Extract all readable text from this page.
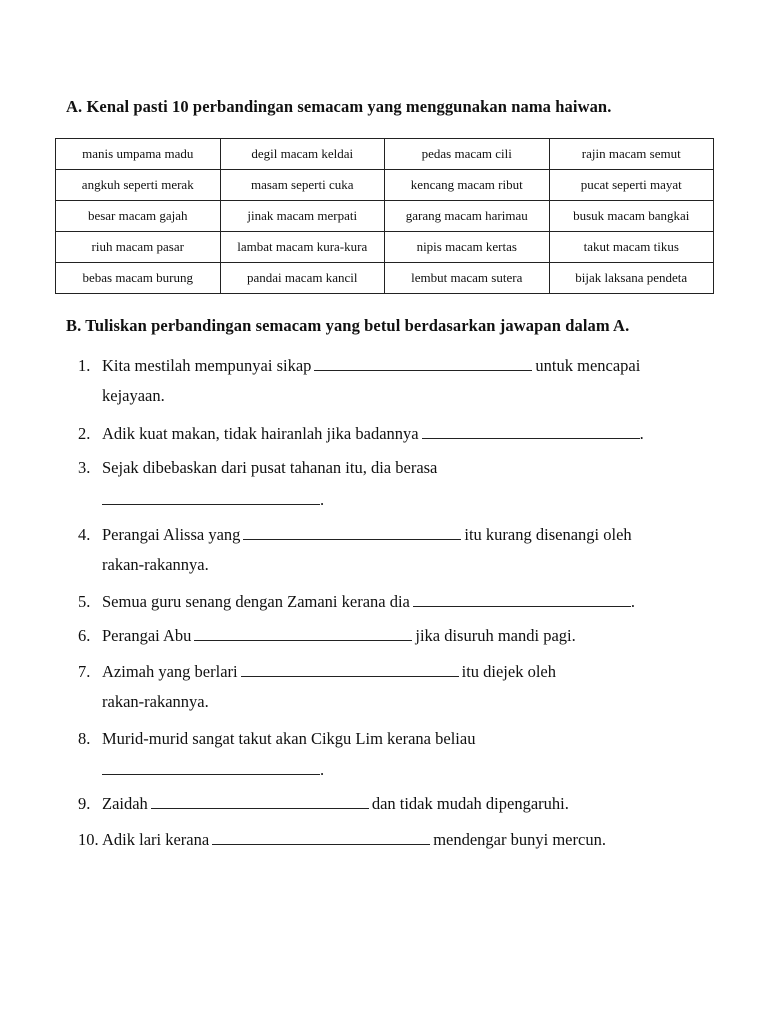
A. Kenal pasti 10 perbandingan semacam yang menggunakan nama haiwan.
manis umpama madu	degil macam keldai	pedas macam cili	rajin macam semut
angkuh seperti merak	masam seperti cuka	kencang macam ribut	pucat seperti mayat
besar macam gajah	jinak macam merpati	garang macam harimau	busuk macam bangkai
riuh macam pasar	lambat macam kura-kura	nipis macam kertas	takut macam tikus
bebas macam burung	pandai macam kancil	lembut macam sutera	bijak laksana pendeta
B. Tuliskan perbandingan semacam yang betul berdasarkan jawapan dalam A.
1. Kita mestilah mempunyai sikap	untuk mencapai
kejayaan.
2. Adik kuat makan, tidak hairanlah jika badannya	.
3. Sejak dibebaskan dari pusat tahanan itu, dia berasa
.
4. Perangai Alissa yang	itu kurang disenangi oleh
rakan-rakannya.
5. Semua guru senang dengan Zamani kerana dia	.
6. Perangai Abu	jika disuruh mandi pagi.
7. Azimah yang berlari	itu diejek oleh
rakan-rakannya.
8. Murid-murid sangat takut akan Cikgu Lim kerana beliau
.
9. Zaidah	dan tidak mudah dipengaruhi.
10. Adik lari kerana	mendengar bunyi mercun.
